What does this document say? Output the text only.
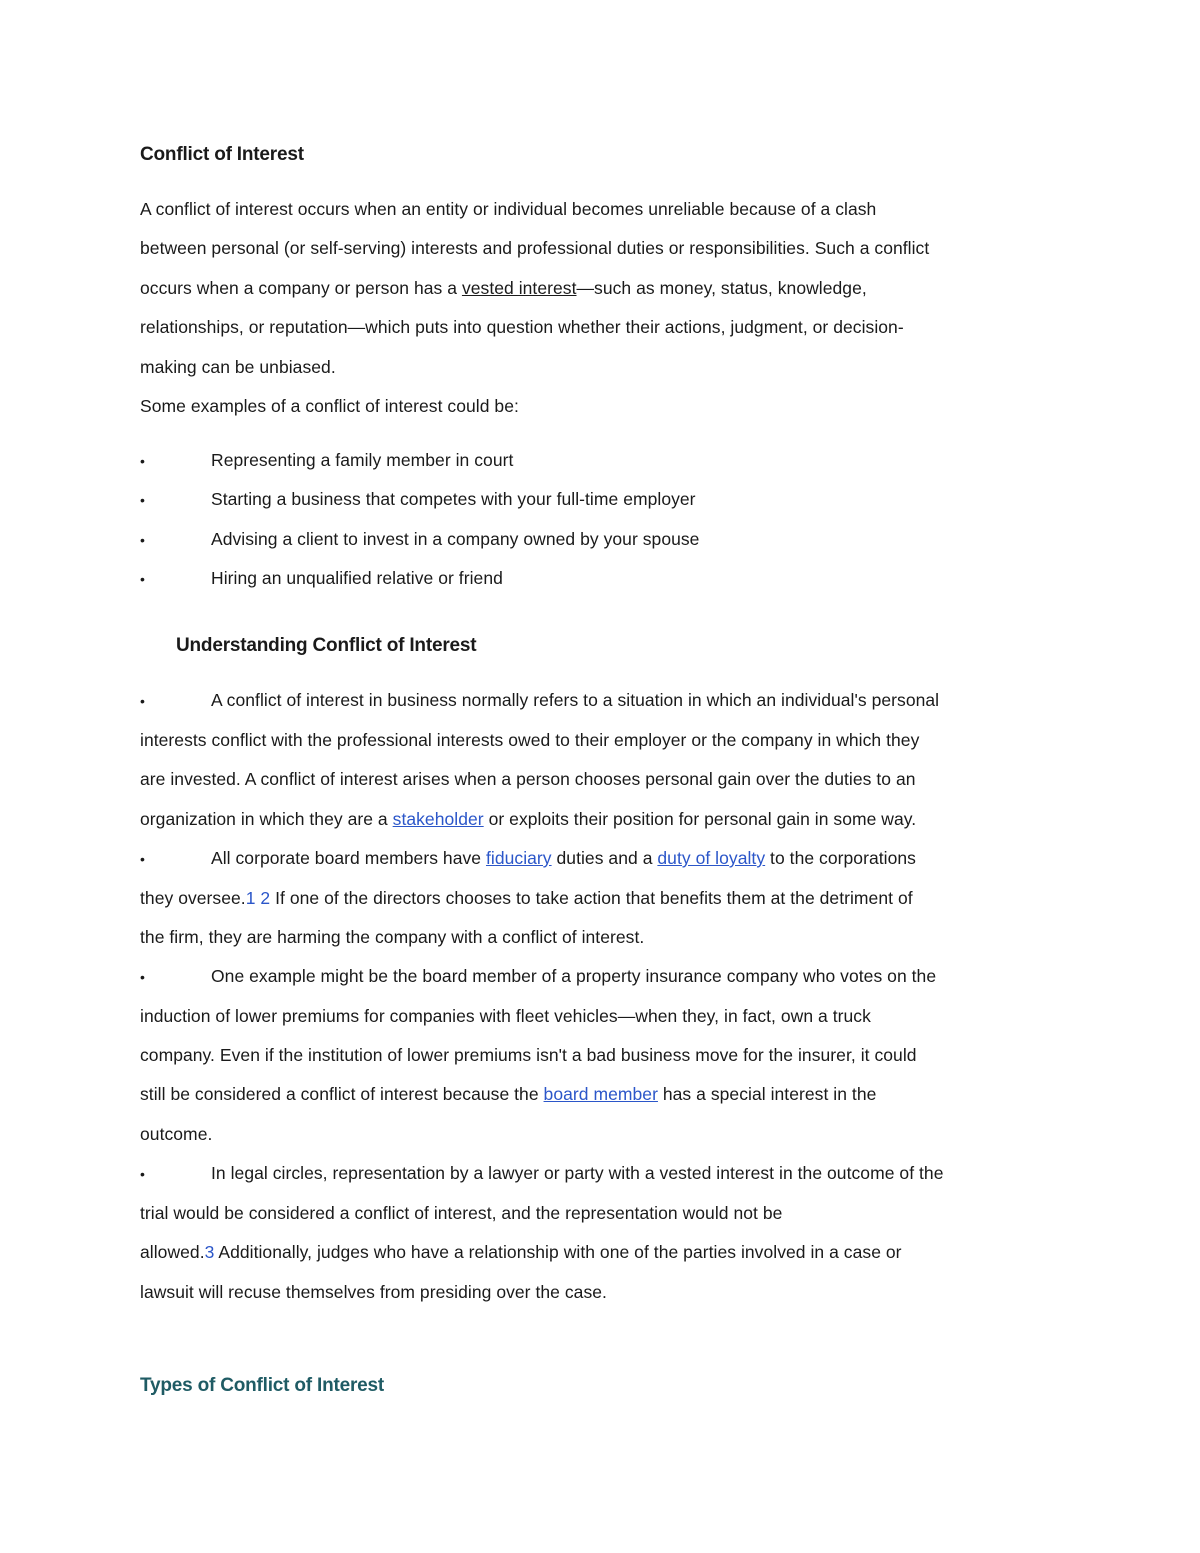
Conflict of Interest
A conflict of interest occurs when an entity or individual becomes unreliable because of a clash
between personal (or self-serving) interests and professional duties or responsibilities. Such a conflict
occurs when a company or person has a vested interest—such as money, status, knowledge,
relationships, or reputation—which puts into question whether their actions, judgment, or decision-
making can be unbiased.
Some examples of a conflict of interest could be:
•	Representing a family member in court
•	Starting a business that competes with your full-time employer
•	Advising a client to invest in a company owned by your spouse
•	Hiring an unqualified relative or friend
Understanding Conflict of Interest
•	A conflict of interest in business normally refers to a situation in which an individual's personal
interests conflict with the professional interests owed to their employer or the company in which they
are invested. A conflict of interest arises when a person chooses personal gain over the duties to an
organization in which they are a stakeholder or exploits their position for personal gain in some way.
•	All corporate board members have fiduciary duties and a duty of loyalty to the corporations
they oversee.1 2 If one of the directors chooses to take action that benefits them at the detriment of
the firm, they are harming the company with a conflict of interest.
•	One example might be the board member of a property insurance company who votes on the
induction of lower premiums for companies with fleet vehicles—when they, in fact, own a truck
company. Even if the institution of lower premiums isn't a bad business move for the insurer, it could
still be considered a conflict of interest because the board member has a special interest in the
outcome.
•	In legal circles, representation by a lawyer or party with a vested interest in the outcome of the
trial would be considered a conflict of interest, and the representation would not be
allowed.3 Additionally, judges who have a relationship with one of the parties involved in a case or
lawsuit will recuse themselves from presiding over the case.
Types of Conflict of Interest
